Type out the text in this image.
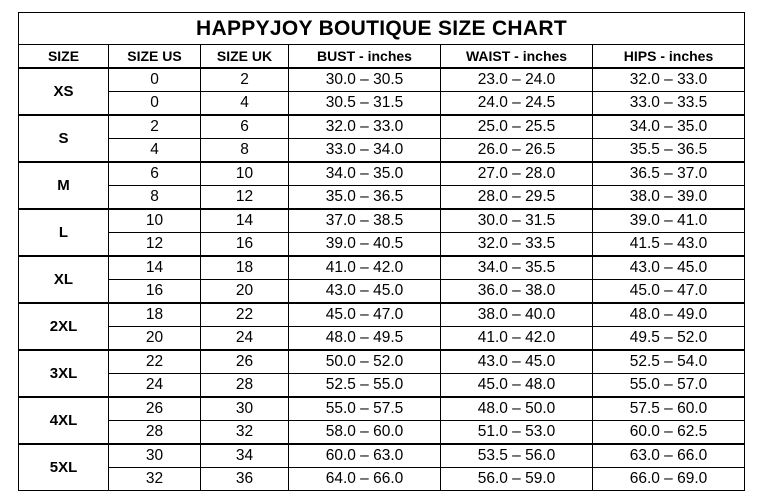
HAPPYJOY BOUTIQUE SIZE CHART					
SIZE	SIZE US	SIZE UK	BUST - inches	WAIST - inches	HIPS - inches
XS	0	2	30.0 – 30.5	23.0 – 24.0	32.0 – 33.0
	0	4	30.5 – 31.5	24.0 – 24.5	33.0 – 33.5
S	2	6	32.0 – 33.0	25.0 – 25.5	34.0 – 35.0
	4	8	33.0 – 34.0	26.0 – 26.5	35.5 – 36.5
M	6	10	34.0 – 35.0	27.0 – 28.0	36.5 – 37.0
	8	12	35.0 – 36.5	28.0 – 29.5	38.0 – 39.0
L	10	14	37.0 – 38.5	30.0 – 31.5	39.0 – 41.0
	12	16	39.0 – 40.5	32.0 – 33.5	41.5 – 43.0
XL	14	18	41.0 – 42.0	34.0 – 35.5	43.0 – 45.0
	16	20	43.0 – 45.0	36.0 – 38.0	45.0 – 47.0
2XL	18	22	45.0 – 47.0	38.0 – 40.0	48.0 – 49.0
	20	24	48.0 – 49.5	41.0 – 42.0	49.5 – 52.0
3XL	22	26	50.0 – 52.0	43.0 – 45.0	52.5 – 54.0
	24	28	52.5 – 55.0	45.0 – 48.0	55.0 – 57.0
4XL	26	30	55.0 – 57.5	48.0 – 50.0	57.5 – 60.0
	28	32	58.0 – 60.0	51.0 – 53.0	60.0 – 62.5
5XL	30	34	60.0 – 63.0	53.5 – 56.0	63.0 – 66.0
	32	36	64.0 – 66.0	56.0 – 59.0	66.0 – 69.0
